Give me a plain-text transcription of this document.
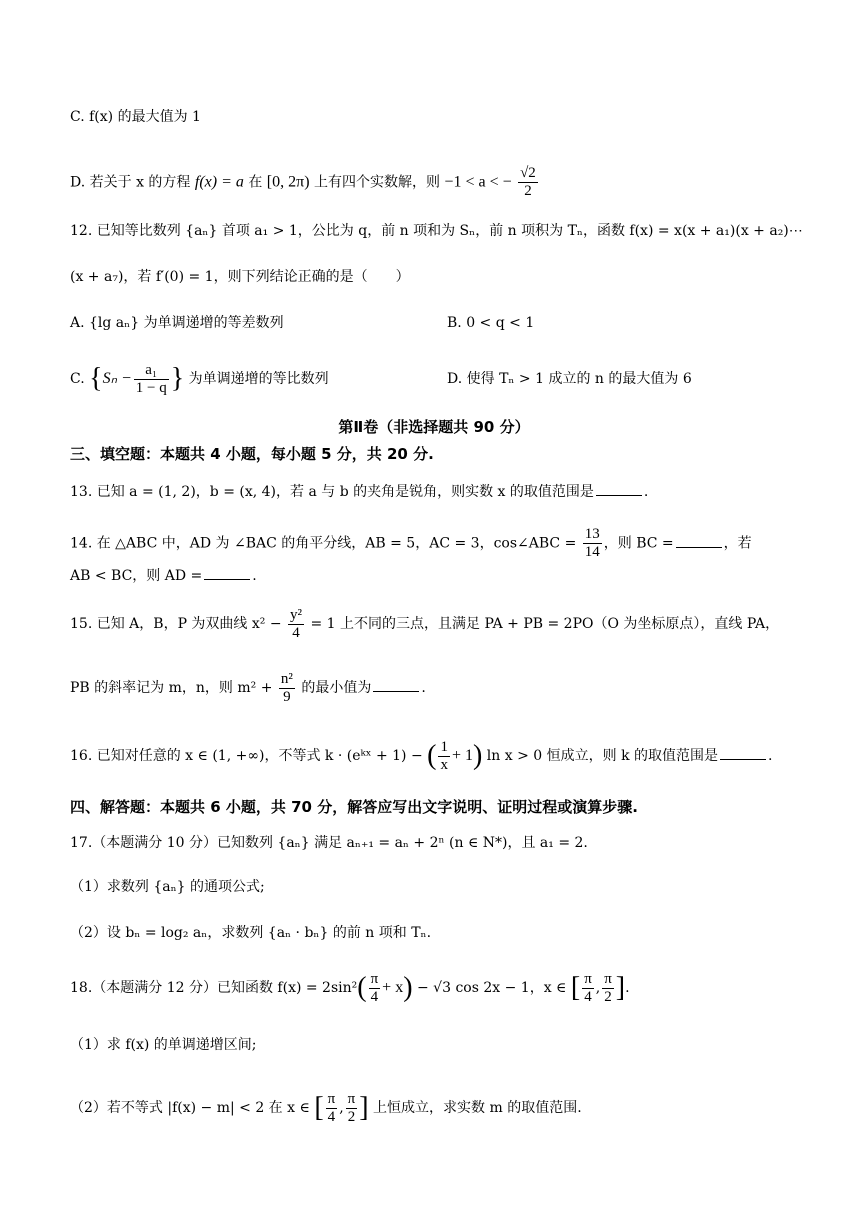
C. f(x) 的最大值为 1
D. 若关于 x 的方程 f(x) = a 在 [0, 2π) 上有四个实数解，则 −1 < a < − $\frac{√2}{2}$
12. 已知等比数列 {aₙ} 首项 a₁ > 1，公比为 q，前 n 项和为 Sₙ，前 n 项积为 Tₙ，函数 f(x) = x(x + a₁)(x + a₂)⋯
(x + a₇)，若 f′(0) = 1，则下列结论正确的是（　　）
A. {lg aₙ} 为单调递增的等差数列	B. 0 < q < 1
C. {$S_n - \frac{\text{a₁}}{1 - q}$ } 为单调递增的等比数列	D. 使得 Tₙ > 1 成立的 n 的最大值为 6
第Ⅱ卷（非选择题共 90 分）
三、填空题：本题共 4 小题，每小题 5 分，共 20 分.
13. 已知 a = (1, 2)，b = (x, 4)，若 a 与 b 的夹角是锐角，则实数 x 的取值范围是	.
14. 在 △ABC 中，AD 为 ∠BAC 的角平分线，AB = 5，AC = 3，cos∠ABC = $\frac{13}{14}$ ，则 BC =	，若
AB < BC，则 AD =	.
15. 已知 A，B，P 为双曲线 $x^2 - \frac{\text{y²}}{4} = 1$ 上不同的三点，且满足 PA + PB = 2PO（O 为坐标原点），直线 PA，
PB 的斜率记为 m，n，则 $m^2 + \frac{\text{n²}}{9}$ 的最小值为	.
16. 已知对任意的 x ∈ (1, +∞)，不等式 k · (eᵏˣ + 1) − ( $\frac{1}{x} + 1$) ln x > 0 恒成立，则 k 的取值范围是	.
四、解答题：本题共 6 小题，共 70 分，解答应写出文字说明、证明过程或演算步骤.
17.（本题满分 10 分）已知数列 {aₙ} 满足 aₙ₊₁ = aₙ + 2ⁿ (n ∈ N*)，且 a₁ = 2.
（1）求数列 {aₙ} 的通项公式;
（2）设 bₙ = log₂ aₙ，求数列 {aₙ · bₙ} 的前 n 项和 Tₙ.
18.（本题满分 12 分）已知函数 $f(x) = 2\sin^2( \frac{\pi}{4} + x) - √3$ cos 2x − 1，x ∈ [ $\frac{\pi}{4}$ , $\frac{\pi}{2}$ ].
（1）求 f(x) 的单调递增区间;
（2）若不等式 |f(x) − m| < 2 在 x ∈ [ $\frac{\pi}{4}$ , $\frac{\pi}{2}$ ] 上恒成立，求实数 m 的取值范围.
